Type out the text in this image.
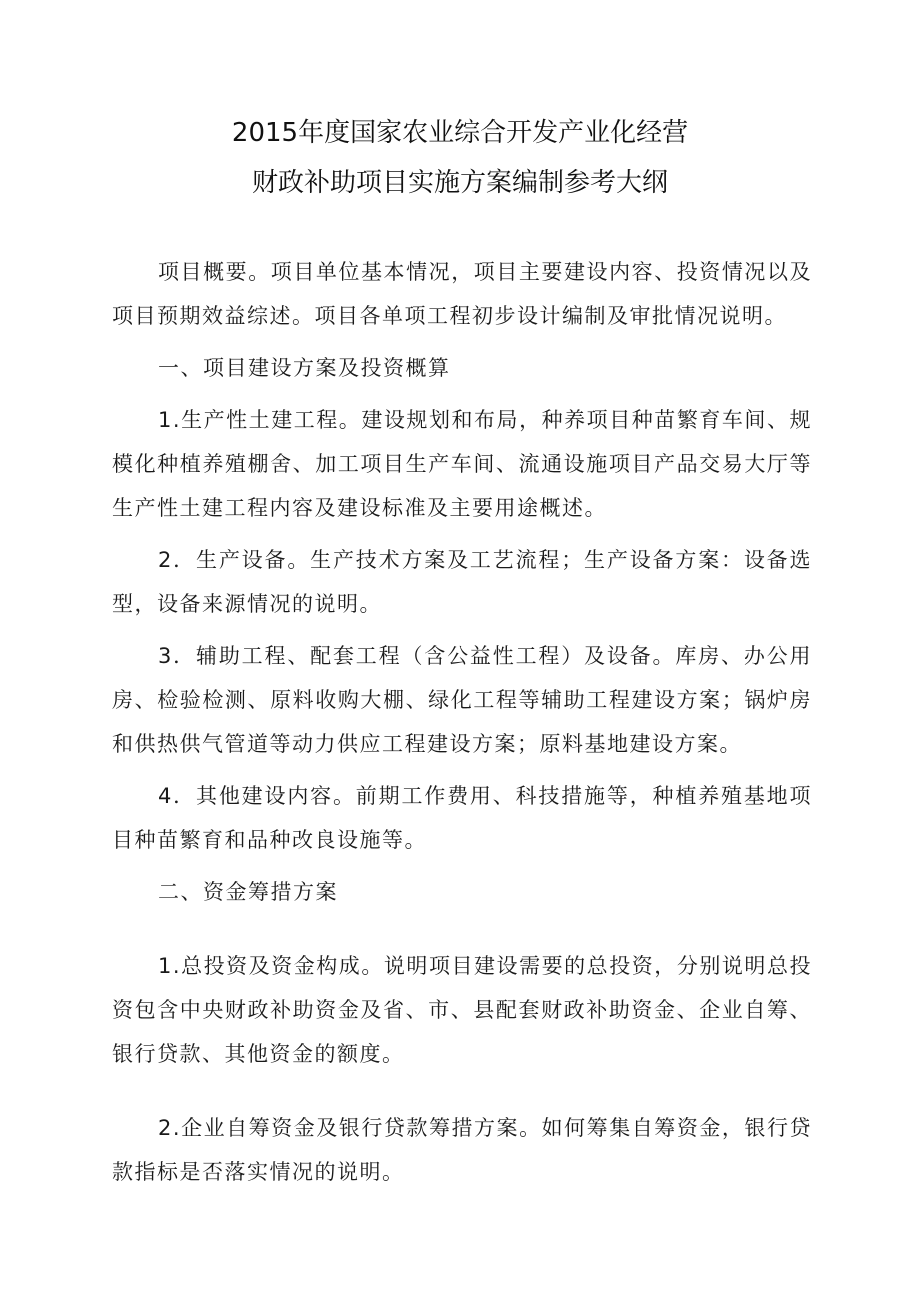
2015年度国家农业综合开发产业化经营
财政补助项目实施方案编制参考大纲

项目概要。项目单位基本情况，项目主要建设内容、投资情况以及项目预期效益综述。项目各单项工程初步设计编制及审批情况说明。

一、项目建设方案及投资概算

1.生产性土建工程。建设规划和布局，种养项目种苗繁育车间、规模化种植养殖棚舍、加工项目生产车间、流通设施项目产品交易大厅等生产性土建工程内容及建设标准及主要用途概述。

2．生产设备。生产技术方案及工艺流程；生产设备方案：设备选型，设备来源情况的说明。

3．辅助工程、配套工程（含公益性工程）及设备。库房、办公用房、检验检测、原料收购大棚、绿化工程等辅助工程建设方案；锅炉房和供热供气管道等动力供应工程建设方案；原料基地建设方案。

4．其他建设内容。前期工作费用、科技措施等，种植养殖基地项目种苗繁育和品种改良设施等。

二、资金筹措方案

1.总投资及资金构成。说明项目建设需要的总投资，分别说明总投资包含中央财政补助资金及省、市、县配套财政补助资金、企业自筹、银行贷款、其他资金的额度。

2.企业自筹资金及银行贷款筹措方案。如何筹集自筹资金，银行贷款指标是否落实情况的说明。
